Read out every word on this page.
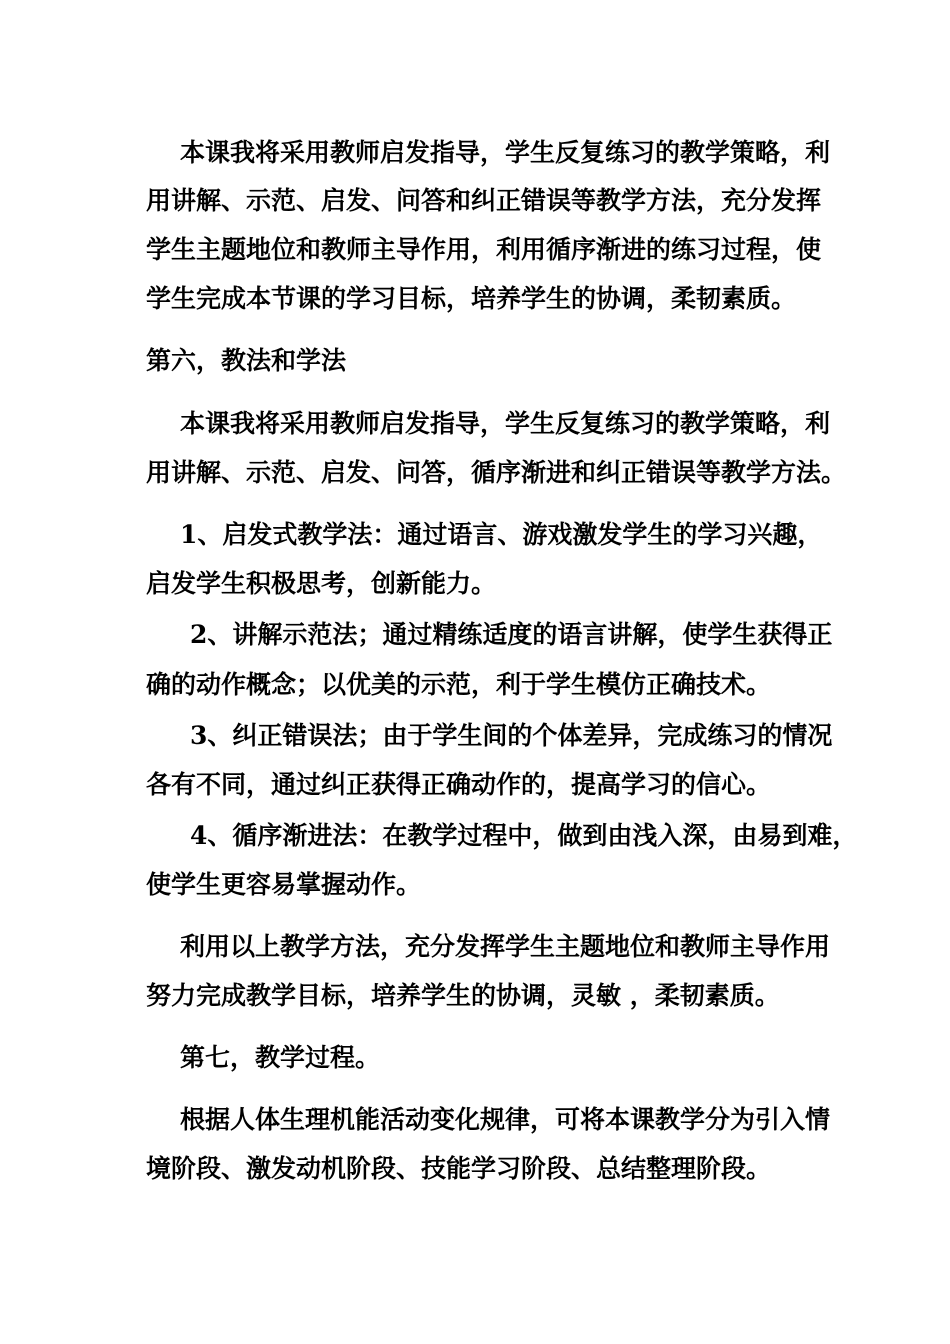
本课我将采用教师启发指导，学生反复练习的教学策略，利
用讲解、示范、启发、问答和纠正错误等教学方法，充分发挥
学生主题地位和教师主导作用，利用循序渐进的练习过程，使
学生完成本节课的学习目标，培养学生的协调，柔韧素质。
第六，教法和学法
本课我将采用教师启发指导，学生反复练习的教学策略，利
用讲解、示范、启发、问答，循序渐进和纠正错误等教学方法。
1、启发式教学法：通过语言、游戏激发学生的学习兴趣，
启发学生积极思考，创新能力。
2、讲解示范法；通过精练适度的语言讲解，使学生获得正
确的动作概念；以优美的示范，利于学生模仿正确技术。
3、纠正错误法；由于学生间的个体差异，完成练习的情况
各有不同，通过纠正获得正确动作的，提高学习的信心。
4、循序渐进法：在教学过程中，做到由浅入深，由易到难，
使学生更容易掌握动作。
利用以上教学方法，充分发挥学生主题地位和教师主导作用
努力完成教学目标，培养学生的协调，灵敏 ，柔韧素质。
第七，教学过程。
根据人体生理机能活动变化规律，可将本课教学分为引入情
境阶段、激发动机阶段、技能学习阶段、总结整理阶段。
